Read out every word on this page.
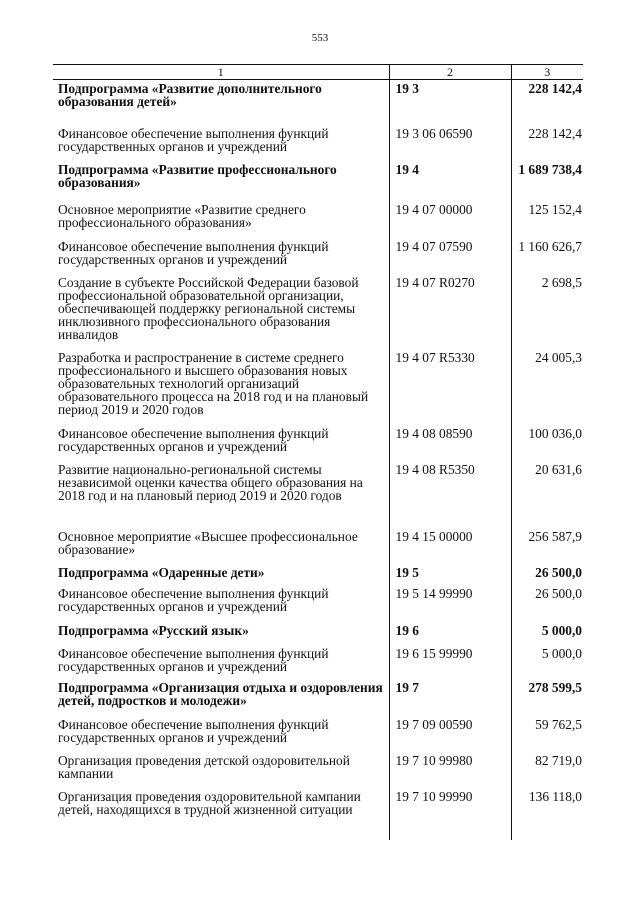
553
1	2	3
Подпрограмма «Развитие дополнительного образования детей»	19 3	228 142,4
Финансовое обеспечение выполнения функций государственных органов и учреждений	19 3 06 06590	228 142,4
Подпрограмма «Развитие профессионального образования»	19 4	1 689 738,4
Основное мероприятие «Развитие среднего профессионального образования»	19 4 07 00000	125 152,4
Финансовое обеспечение выполнения функций государственных органов и учреждений	19 4 07 07590	1 160 626,7
Создание в субъекте Российской Федерации базовой профессиональной образовательной организации, обеспечивающей поддержку региональной системы инклюзивного профессионального образования инвалидов	19 4 07 R0270	2 698,5
Разработка и распространение в системе среднего профессионального и высшего образования новых образовательных технологий организаций образовательного процесса на 2018 год и на плановый период 2019 и 2020 годов	19 4 07 R5330	24 005,3
Финансовое обеспечение выполнения функций государственных органов и учреждений	19 4 08 08590	100 036,0
Развитие национально-региональной системы независимой оценки качества общего образования на 2018 год и на плановый период 2019 и 2020 годов	19 4 08 R5350	20 631,6
Основное мероприятие «Высшее профессиональное образование»	19 4 15 00000	256 587,9
Подпрограмма «Одаренные дети»	19 5	26 500,0
Финансовое обеспечение выполнения функций государственных органов и учреждений	19 5 14 99990	26 500,0
Подпрограмма «Русский язык»	19 6	5 000,0
Финансовое обеспечение выполнения функций государственных органов и учреждений	19 6 15 99990	5 000,0
Подпрограмма «Организация отдыха и оздоровления детей, подростков и молодежи»	19 7	278 599,5
Финансовое обеспечение выполнения функций государственных органов и учреждений	19 7 09 00590	59 762,5
Организация проведения детской оздоровительной кампании	19 7 10 99980	82 719,0
Организация проведения оздоровительной кампании детей, находящихся в трудной жизненной ситуации	19 7 10 99990	136 118,0
